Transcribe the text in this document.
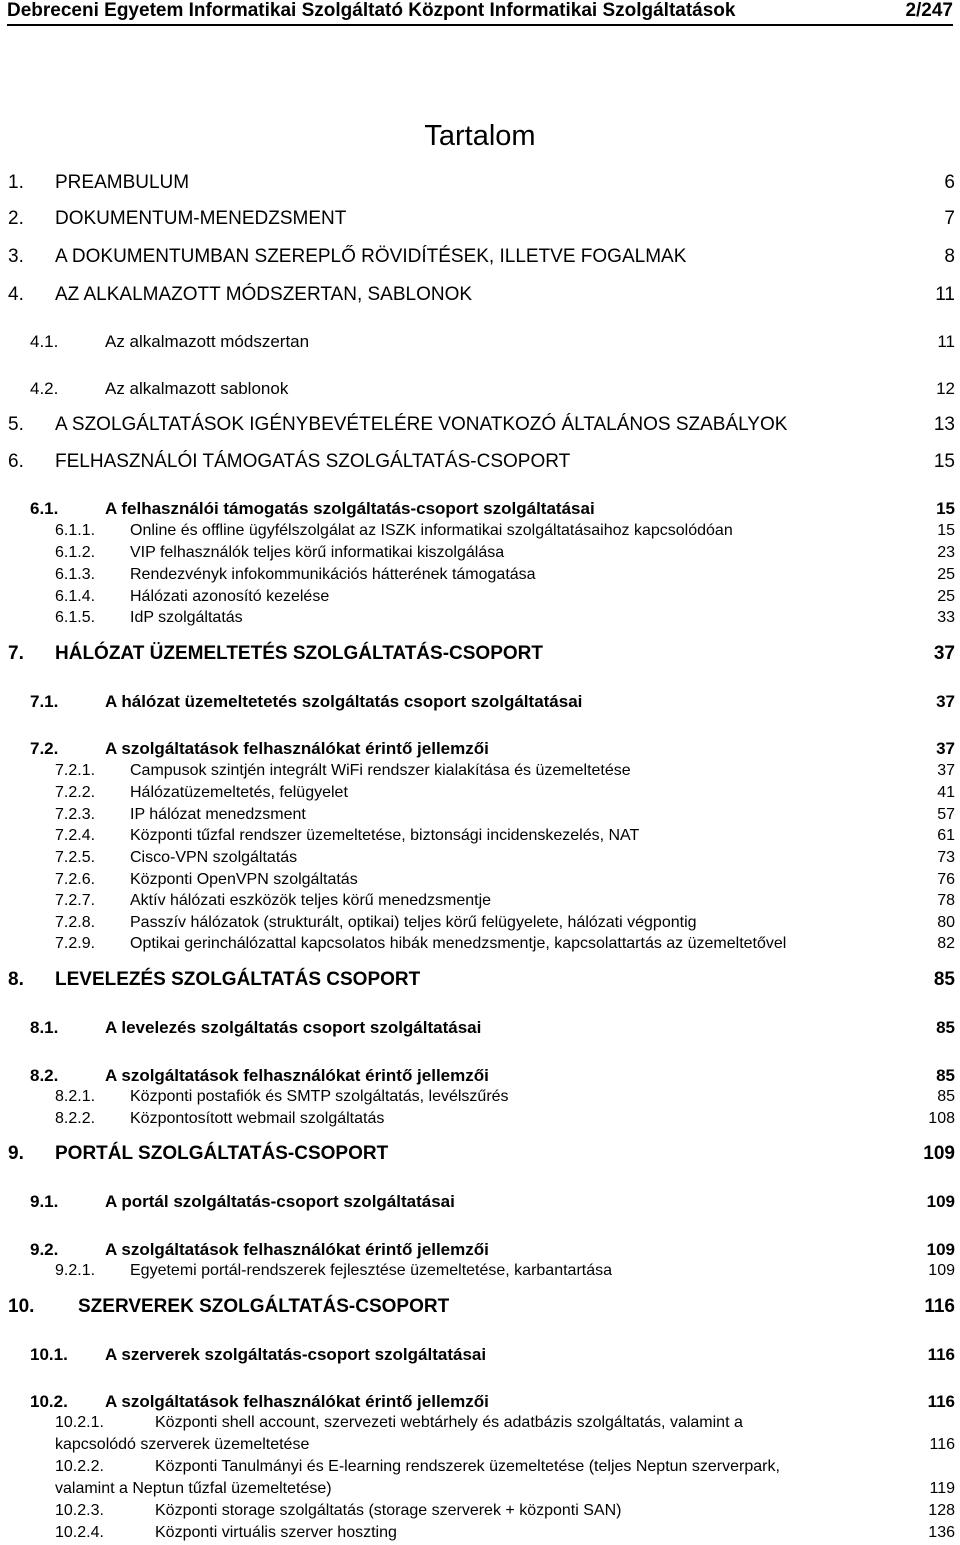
Debreceni Egyetem Informatikai Szolgáltató Központ Informatikai Szolgáltatások	2/247
Tartalom
1. PREAMBULUM	6
2. DOKUMENTUM-MENEDZSMENT	7
3. A DOKUMENTUMBAN SZEREPLŐ RÖVIDÍTÉSEK, ILLETVE FOGALMAK	8
4. AZ ALKALMAZOTT MÓDSZERTAN, SABLONOK	11
4.1.	Az alkalmazott módszertan	11
4.2.	Az alkalmazott sablonok	12
5. A SZOLGÁLTATÁSOK IGÉNYBEVÉTELÉRE VONATKOZÓ ÁLTALÁNOS SZABÁLYOK	13
6. FELHASZNÁLÓI TÁMOGATÁS SZOLGÁLTATÁS-CSOPORT	15
6.1.	A felhasználói támogatás szolgáltatás-csoport szolgáltatásai	15
6.1.1. Online és offline ügyfélszolgálat az ISZK informatikai szolgáltatásaihoz kapcsolódóan	15
6.1.2. VIP felhasználók teljes körű informatikai kiszolgálása	23
6.1.3. Rendezvényk infokommunikációs hátterének támogatása	25
6.1.4. Hálózati azonosító kezelése	25
6.1.5. IdP szolgáltatás	33
7. HÁLÓZAT ÜZEMELTETÉS SZOLGÁLTATÁS-CSOPORT	37
7.1.	A hálózat üzemeltetetés szolgáltatás csoport szolgáltatásai	37
7.2.	A szolgáltatások felhasználókat érintő jellemzői	37
7.2.1. Campusok szintjén integrált WiFi rendszer kialakítása és üzemeltetése	37
7.2.2. Hálózatüzemeltetés, felügyelet	41
7.2.3. IP hálózat menedzsment	57
7.2.4. Központi tűzfal rendszer üzemeltetése, biztonsági incidenskezelés, NAT	61
7.2.5. Cisco-VPN szolgáltatás	73
7.2.6. Központi OpenVPN szolgáltatás	76
7.2.7. Aktív hálózati eszközök teljes körű menedzsmentje	78
7.2.8. Passzív hálózatok (strukturált, optikai) teljes körű felügyelete, hálózati végpontig	80
7.2.9. Optikai gerinchálózattal kapcsolatos hibák menedzsmentje, kapcsolattartás az üzemeltetővel	82
8. LEVELEZÉS SZOLGÁLTATÁS CSOPORT	85
8.1.	A levelezés szolgáltatás csoport szolgáltatásai	85
8.2.	A szolgáltatások felhasználókat érintő jellemzői	85
8.2.1. Központi postafiók és SMTP szolgáltatás, levélszűrés	85
8.2.2. Központosított webmail szolgáltatás	108
9. PORTÁL SZOLGÁLTATÁS-CSOPORT	109
9.1.	A portál szolgáltatás-csoport szolgáltatásai	109
9.2.	A szolgáltatások felhasználókat érintő jellemzői	109
9.2.1. Egyetemi portál-rendszerek fejlesztése üzemeltetése, karbantartása	109
10. SZERVEREK SZOLGÁLTATÁS-CSOPORT	116
10.1. A szerverek szolgáltatás-csoport szolgáltatásai	116
10.2. A szolgáltatások felhasználókat érintő jellemzői	116
10.2.1.	Központi shell account, szervezeti webtárhely és adatbázis szolgáltatás, valamint a
kapcsolódó szerverek üzemeltetése	116
10.2.2.	Központi Tanulmányi és E-learning rendszerek üzemeltetése (teljes Neptun szerverpark,
valamint a Neptun tűzfal üzemeltetése)	119
10.2.3.	Központi storage szolgáltatás (storage szerverek + központi SAN)	128
10.2.4.	Központi virtuális szerver hoszting	136
